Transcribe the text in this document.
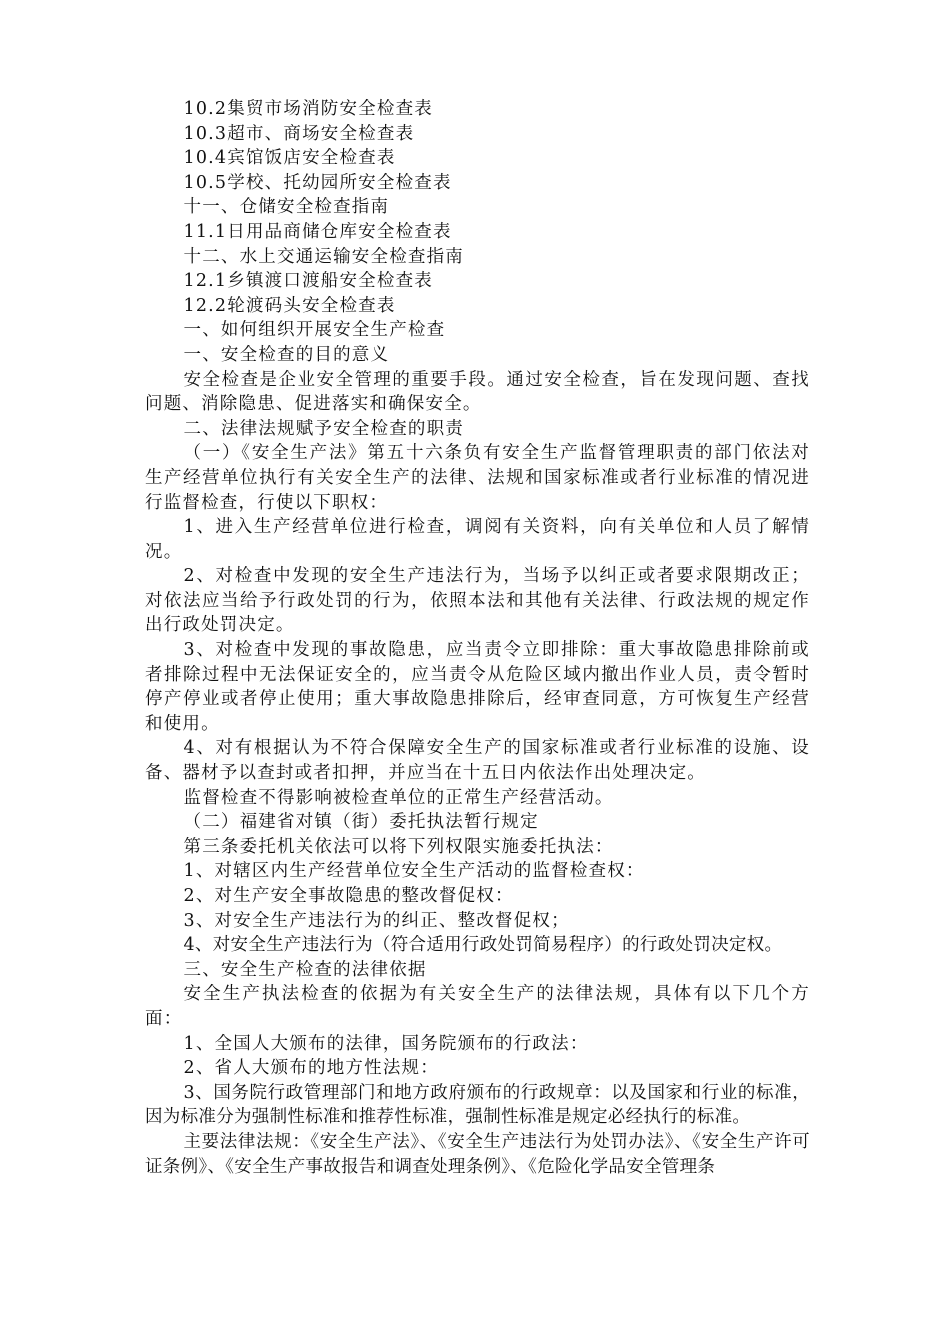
10.2集贸市场消防安全检查表

10.3超市、商场安全检查表

10.4宾馆饭店安全检查表

10.5学校、托幼园所安全检查表

十一、仓储安全检查指南

11.1日用品商储仓库安全检查表

十二、水上交通运输安全检查指南

12.1乡镇渡口渡船安全检查表

12.2轮渡码头安全检查表

一、如何组织开展安全生产检查

一、安全检查的目的意义

安全检查是企业安全管理的重要手段。通过安全检查，旨在发现问题、查找问题、消除隐患、促进落实和确保安全。

二、法律法规赋予安全检查的职责

（一）《安全生产法》第五十六条负有安全生产监督管理职责的部门依法对生产经营单位执行有关安全生产的法律、法规和国家标准或者行业标准的情况进行监督检查，行使以下职权：

1、进入生产经营单位进行检查，调阅有关资料，向有关单位和人员了解情况。

2、对检查中发现的安全生产违法行为，当场予以纠正或者要求限期改正；对依法应当给予行政处罚的行为，依照本法和其他有关法律、行政法规的规定作出行政处罚决定。

3、对检查中发现的事故隐患，应当责令立即排除：重大事故隐患排除前或者排除过程中无法保证安全的，应当责令从危险区域内撤出作业人员，责令暂时停产停业或者停止使用；重大事故隐患排除后，经审查同意，方可恢复生产经营和使用。

4、对有根据认为不符合保障安全生产的国家标准或者行业标准的设施、设备、器材予以查封或者扣押，并应当在十五日内依法作出处理决定。

监督检查不得影响被检查单位的正常生产经营活动。

（二）福建省对镇（街）委托执法暂行规定

第三条委托机关依法可以将下列权限实施委托执法：

1、对辖区内生产经营单位安全生产活动的监督检查权：

2、对生产安全事故隐患的整改督促权：

3、对安全生产违法行为的纠正、整改督促权；

4、对安全生产违法行为（符合适用行政处罚简易程序）的行政处罚决定权。

三、安全生产检查的法律依据

安全生产执法检查的依据为有关安全生产的法律法规，具体有以下几个方面：

1、全国人大颁布的法律，国务院颁布的行政法：

2、省人大颁布的地方性法规：

3、国务院行政管理部门和地方政府颁布的行政规章：以及国家和行业的标准，因为标准分为强制性标准和推荐性标准，强制性标准是规定必经执行的标准。

主要法律法规：《安全生产法》、《安全生产违法行为处罚办法》、《安全生产许可证条例》、《安全生产事故报告和调查处理条例》、《危险化学品安全管理条
